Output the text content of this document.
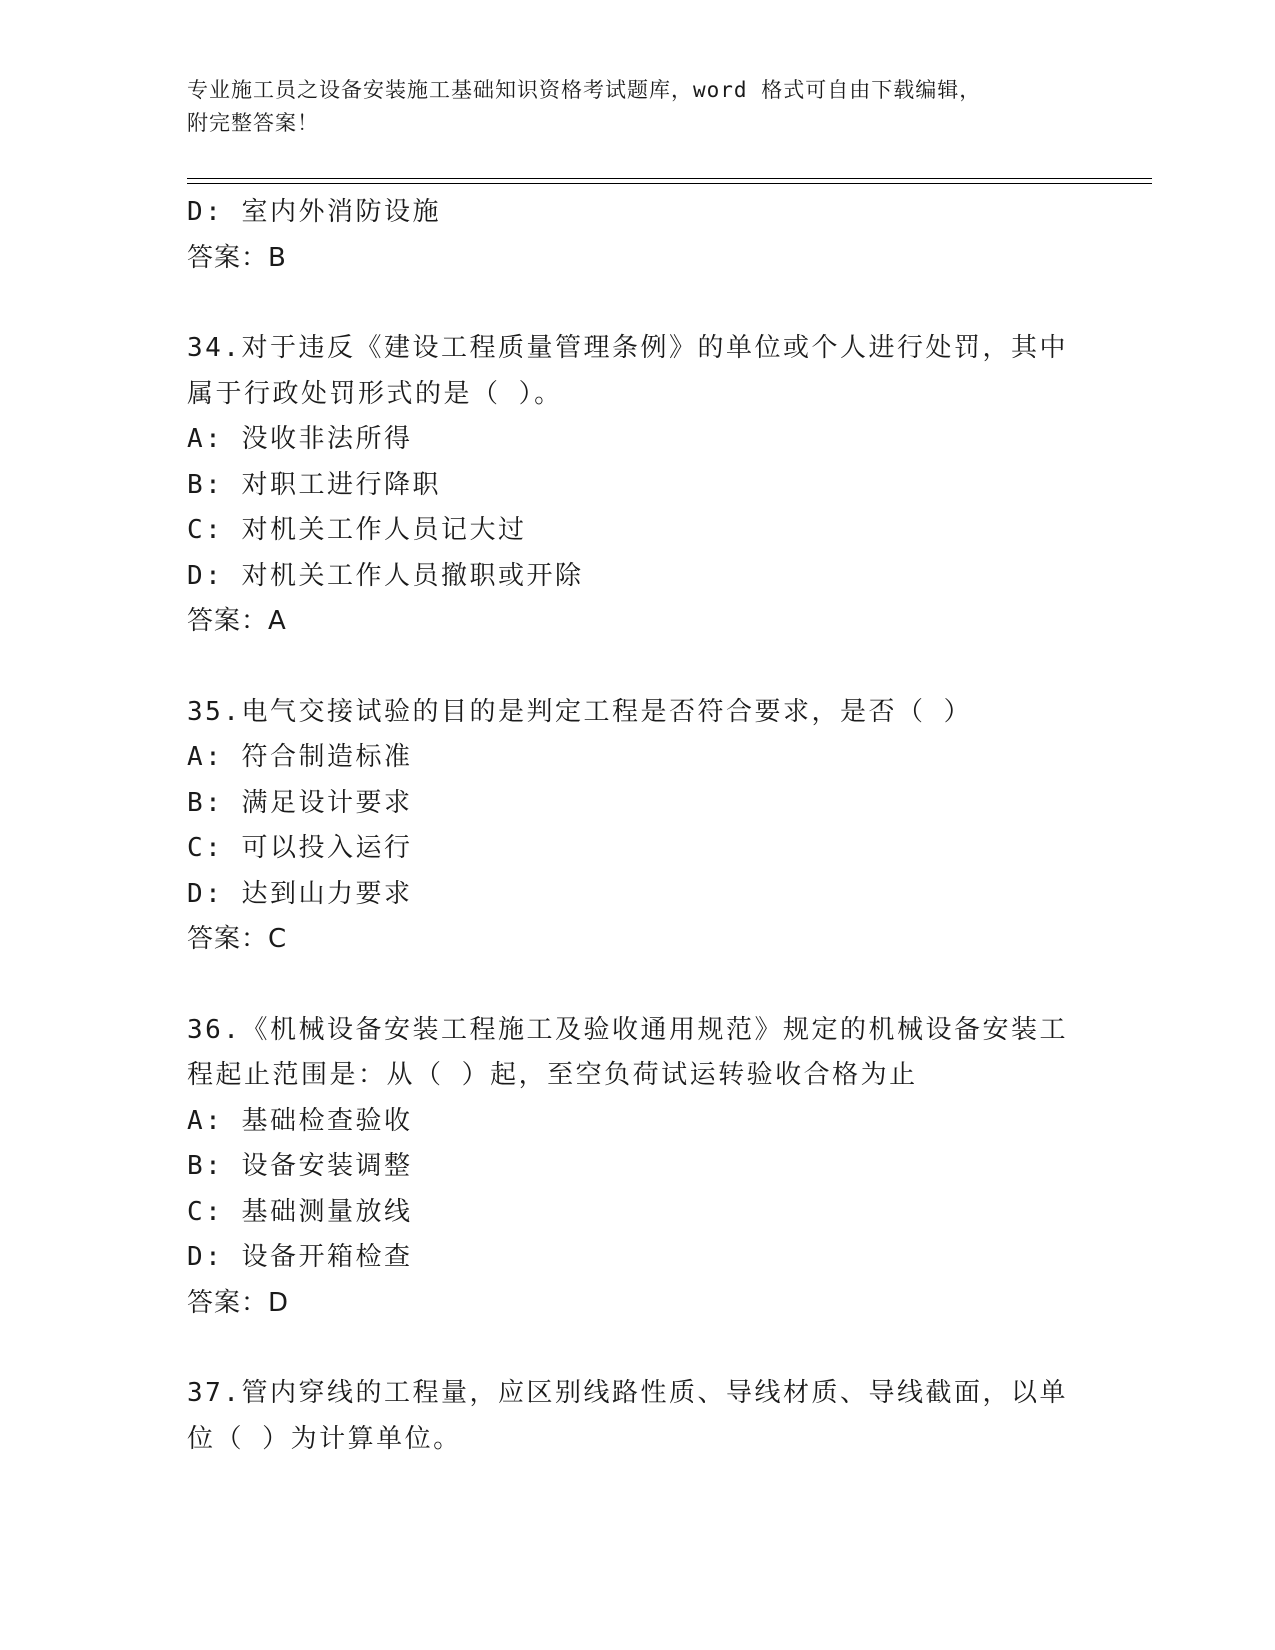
专业施工员之设备安装施工基础知识资格考试题库，word 格式可自由下载编辑，
附完整答案！
D: 室内外消防设施
答案：B
34.对于违反《建设工程质量管理条例》的单位或个人进行处罚，其中
属于行政处罚形式的是（ ）。
A: 没收非法所得
B: 对职工进行降职
C: 对机关工作人员记大过
D: 对机关工作人员撤职或开除
答案：A
35.电气交接试验的目的是判定工程是否符合要求，是否（ ）
A: 符合制造标准
B: 满足设计要求
C: 可以投入运行
D: 达到山力要求
答案：C
36.《机械设备安装工程施工及验收通用规范》规定的机械设备安装工
程起止范围是：从（ ）起，至空负荷试运转验收合格为止
A: 基础检查验收
B: 设备安装调整
C: 基础测量放线
D: 设备开箱检查
答案：D
37.管内穿线的工程量，应区别线路性质、导线材质、导线截面，以单
位（ ）为计算单位。
